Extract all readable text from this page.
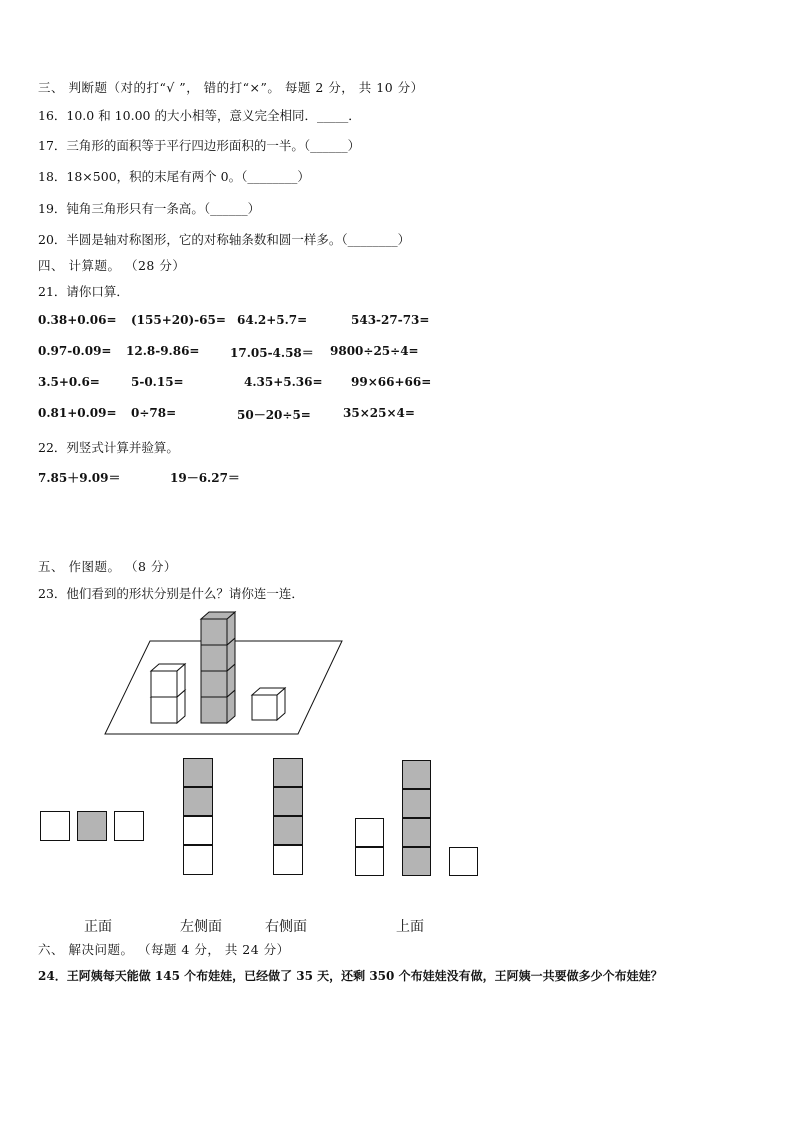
三、 判断题（对的打“√ ”， 错的打“×”。 每题 2 分， 共 10 分）
16．10.0 和 10.00 的大小相等，意义完全相同．_____．
17．三角形的面积等于平行四边形面积的一半。（______）
18．18×500，积的末尾有两个 0。（________）
19．钝角三角形只有一条高。（______）
20．半圆是轴对称图形，它的对称轴条数和圆一样多。（________）
四、 计算题。 （28 分）
21．请你口算．
0.38+0.06= (155+20)-65= 64.2+5.7=	543-27-73=
0.97-0.09= 12.8-9.86=	17.05-4.58＝ 9800÷25÷4=
3.5+0.6=	5-0.15=	4.35+5.36= 99×66+66=
0.81+0.09= 0÷78=	50－20÷5=	35×25×4=
22．列竖式计算并验算。
7.85＋9.09＝	19－6.27＝
五、 作图题。 （8 分）
23．他们看到的形状分别是什么？请你连一连．
正面	左侧面	右侧面	上面
六、 解决问题。 （每题 4 分， 共 24 分）
24．王阿姨每天能做 145 个布娃娃，已经做了 35 天，还剩 350 个布娃娃没有做，王阿姨一共要做多少个布娃娃？
